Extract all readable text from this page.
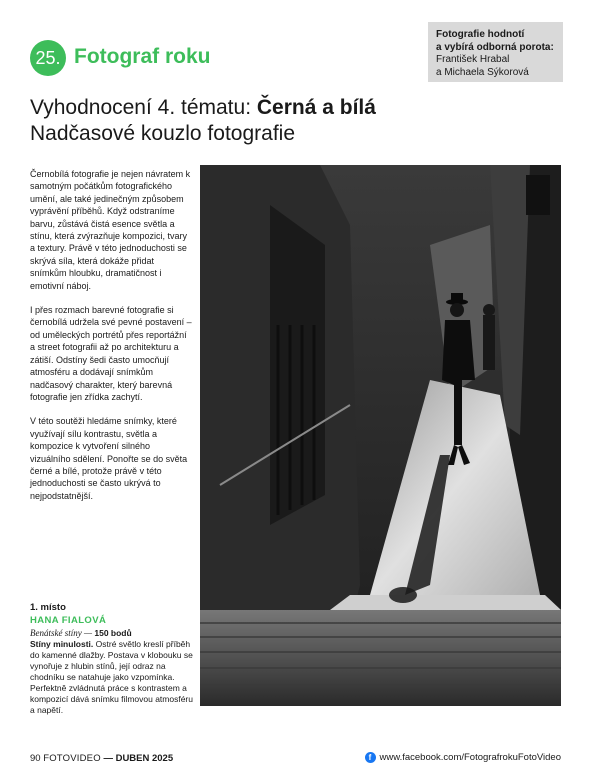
25. Fotograf roku
Fotografie hodnotí
a vybírá odborná porota:
František Hrabal
a Michaela Sýkorová
Vyhodnocení 4. tématu: Černá a bílá
Nadčasové kouzlo fotografie

Černobílá fotografie je nejen návratem k samotným počátkům fotografického umění, ale také jedinečným způsobem vyprávění příběhů. Když odstraníme barvu, zůstává čistá esence světla a stínu, která zvýrazňuje kompozici, tvary a textury. Právě v této jednoduchosti se skrývá síla, která dokáže přidat snímkům hloubku, dramatičnost i emotivní náboj.

I přes rozmach barevné fotografie si černobílá udržela své pevné postavení – od uměleckých portrétů přes reportážní a street fotografii až po architekturu a zátiší. Odstíny šedi často umocňují atmosféru a dodávají snímkům nadčasový charakter, který barevná fotografie jen zřídka zachytí.

V této soutěži hledáme snímky, které využívají sílu kontrastu, světla a kompozice k vytvoření silného vizuálního sdělení. Ponořte se do světa černé a bílé, protože právě v této jednoduchosti se často ukrývá to nejpodstatnější.

1. místo
HANA FIALOVÁ
Benátské stíny — 150 bodů
Stíny minulosti. Ostré světlo kreslí příběh do kamenné dlažby. Postava v klobouku se vynořuje z hlubin stínů, její odraz na chodníku se natahuje jako vzpomínka. Perfektně zvládnutá práce s kontrastem a kompozicí dává snímku filmovou atmosféru a napětí.
90 FOTOVIDEO — DUBEN 2025	f www.facebook.com/FotografrokuFotoVideo
